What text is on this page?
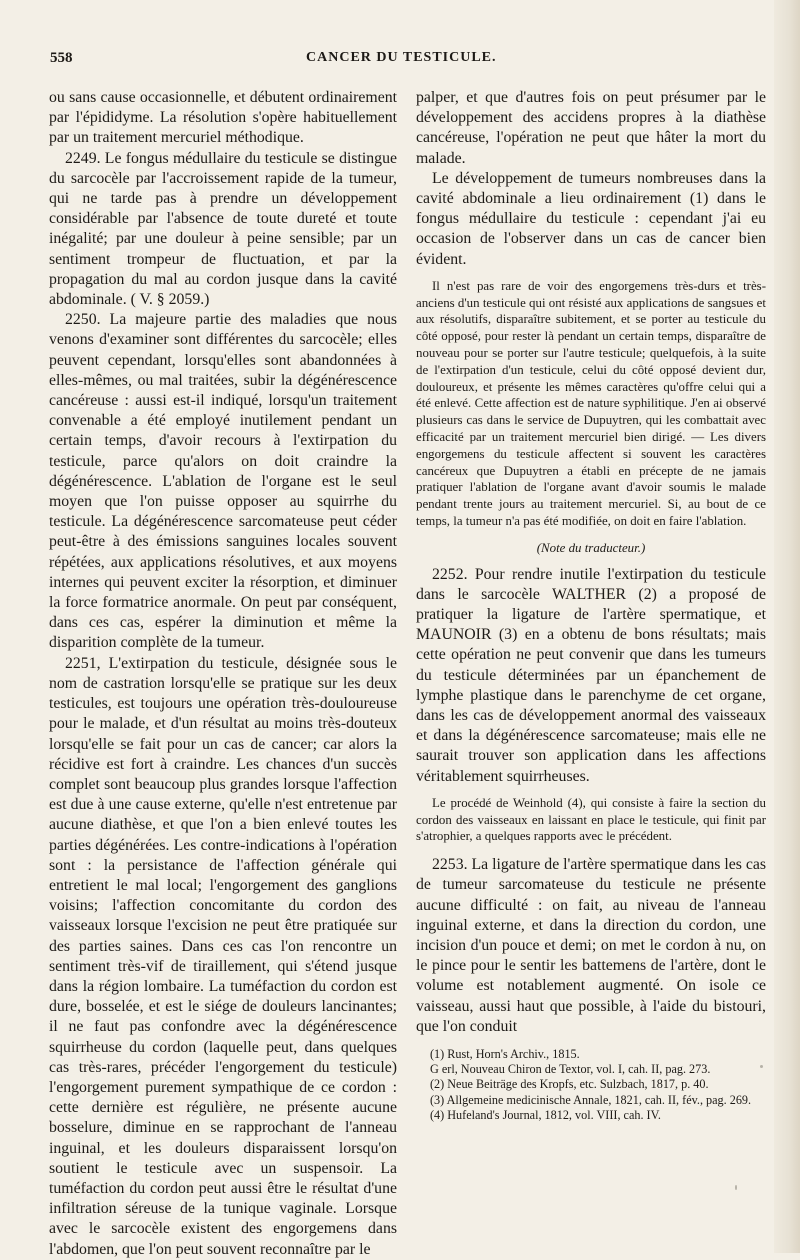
558	CANCER DU TESTICULE.

ou sans cause occasionnelle, et débutent ordinairement par l'épididyme. La résolution s'opère habituellement par un traitement mercuriel méthodique.

2249. Le fongus médullaire du testicule se distingue du sarcocèle par l'accroissement rapide de la tumeur, qui ne tarde pas à prendre un développement considérable par l'absence de toute dureté et toute inégalité; par une douleur à peine sensible; par un sentiment trompeur de fluctuation, et par la propagation du mal au cordon jusque dans la cavité abdominale. ( V. § 2059.)

2250. La majeure partie des maladies que nous venons d'examiner sont différentes du sarcocèle; elles peuvent cependant, lorsqu'elles sont abandonnées à elles-mêmes, ou mal traitées, subir la dégénérescence cancéreuse : aussi est-il indiqué, lorsqu'un traitement convenable a été employé inutilement pendant un certain temps, d'avoir recours à l'extirpation du testicule, parce qu'alors on doit craindre la dégénérescence. L'ablation de l'organe est le seul moyen que l'on puisse opposer au squirrhe du testicule. La dégénérescence sarcomateuse peut céder peut-être à des émissions sanguines locales souvent répétées, aux applications résolutives, et aux moyens internes qui peuvent exciter la résorption, et diminuer la force formatrice anormale. On peut par conséquent, dans ces cas, espérer la diminution et même la disparition complète de la tumeur.

2251, L'extirpation du testicule, désignée sous le nom de castration lorsqu'elle se pratique sur les deux testicules, est toujours une opération très-douloureuse pour le malade, et d'un résultat au moins très-douteux lorsqu'elle se fait pour un cas de cancer; car alors la récidive est fort à craindre. Les chances d'un succès complet sont beaucoup plus grandes lorsque l'affection est due à une cause externe, qu'elle n'est entretenue par aucune diathèse, et que l'on a bien enlevé toutes les parties dégénérées. Les contre-indications à l'opération sont : la persistance de l'affection générale qui entretient le mal local; l'engorgement des ganglions voisins; l'affection concomitante du cordon des vaisseaux lorsque l'excision ne peut être pratiquée sur des parties saines. Dans ces cas l'on rencontre un sentiment très-vif de tiraillement, qui s'étend jusque dans la région lombaire. La tuméfaction du cordon est dure, bosselée, et est le siége de douleurs lancinantes; il ne faut pas confondre avec la dégénérescence squirrheuse du cordon (laquelle peut, dans quelques cas très-rares, précéder l'engorgement du testicule) l'engorgement purement sympathique de ce cordon : cette dernière est régulière, ne présente aucune bosselure, diminue en se rapprochant de l'anneau inguinal, et les douleurs disparaissent lorsqu'on soutient le testicule avec un suspensoir. La tuméfaction du cordon peut aussi être le résultat d'une infiltration séreuse de la tunique vaginale. Lorsque avec le sarcocèle existent des engorgemens dans l'abdomen, que l'on peut souvent reconnaître par le

palper, et que d'autres fois on peut présumer par le développement des accidens propres à la diathèse cancéreuse, l'opération ne peut que hâter la mort du malade.

Le développement de tumeurs nombreuses dans la cavité abdominale a lieu ordinairement (1) dans le fongus médullaire du testicule : cependant j'ai eu occasion de l'observer dans un cas de cancer bien évident.

Il n'est pas rare de voir des engorgemens très-durs et très-anciens d'un testicule qui ont résisté aux applications de sangsues et aux résolutifs, disparaître subitement, et se porter au testicule du côté opposé, pour rester là pendant un certain temps, disparaître de nouveau pour se porter sur l'autre testicule; quelquefois, à la suite de l'extirpation d'un testicule, celui du côté opposé devient dur, douloureux, et présente les mêmes caractères qu'offre celui qui a été enlevé. Cette affection est de nature syphilitique. J'en ai observé plusieurs cas dans le service de Dupuytren, qui les combattait avec efficacité par un traitement mercuriel bien dirigé. — Les divers engorgemens du testicule affectent si souvent les caractères cancéreux que Dupuytren a établi en précepte de ne jamais pratiquer l'ablation de l'organe avant d'avoir soumis le malade pendant trente jours au traitement mercuriel. Si, au bout de ce temps, la tumeur n'a pas été modifiée, on doit en faire l'ablation.

(Note du traducteur.)

2252. Pour rendre inutile l'extirpation du testicule dans le sarcocèle WALTHER (2) a proposé de pratiquer la ligature de l'artère spermatique, et MAUNOIR (3) en a obtenu de bons résultats; mais cette opération ne peut convenir que dans les tumeurs du testicule déterminées par un épanchement de lymphe plastique dans le parenchyme de cet organe, dans les cas de développement anormal des vaisseaux et dans la dégénérescence sarcomateuse; mais elle ne saurait trouver son application dans les affections véritablement squirrheuses.

Le procédé de Weinhold (4), qui consiste à faire la section du cordon des vaisseaux en laissant en place le testicule, qui finit par s'atrophier, a quelques rapports avec le précédent.

2253. La ligature de l'artère spermatique dans les cas de tumeur sarcomateuse du testicule ne présente aucune difficulté : on fait, au niveau de l'anneau inguinal externe, et dans la direction du cordon, une incision d'un pouce et demi; on met le cordon à nu, on le pince pour le sentir les battemens de l'artère, dont le volume est notablement augmenté. On isole ce vaisseau, aussi haut que possible, à l'aide du bistouri, que l'on conduit

(1) Rust, Horn's Archiv., 1815.

G erl, Nouveau Chiron de Textor, vol. I, cah. II, pag. 273.

(2) Neue Beiträge des Kropfs, etc. Sulzbach, 1817, p. 40.

(3) Allgemeine medicinische Annale, 1821, cah. II, fév., pag. 269.

(4) Hufeland's Journal, 1812, vol. VIII, cah. IV.
